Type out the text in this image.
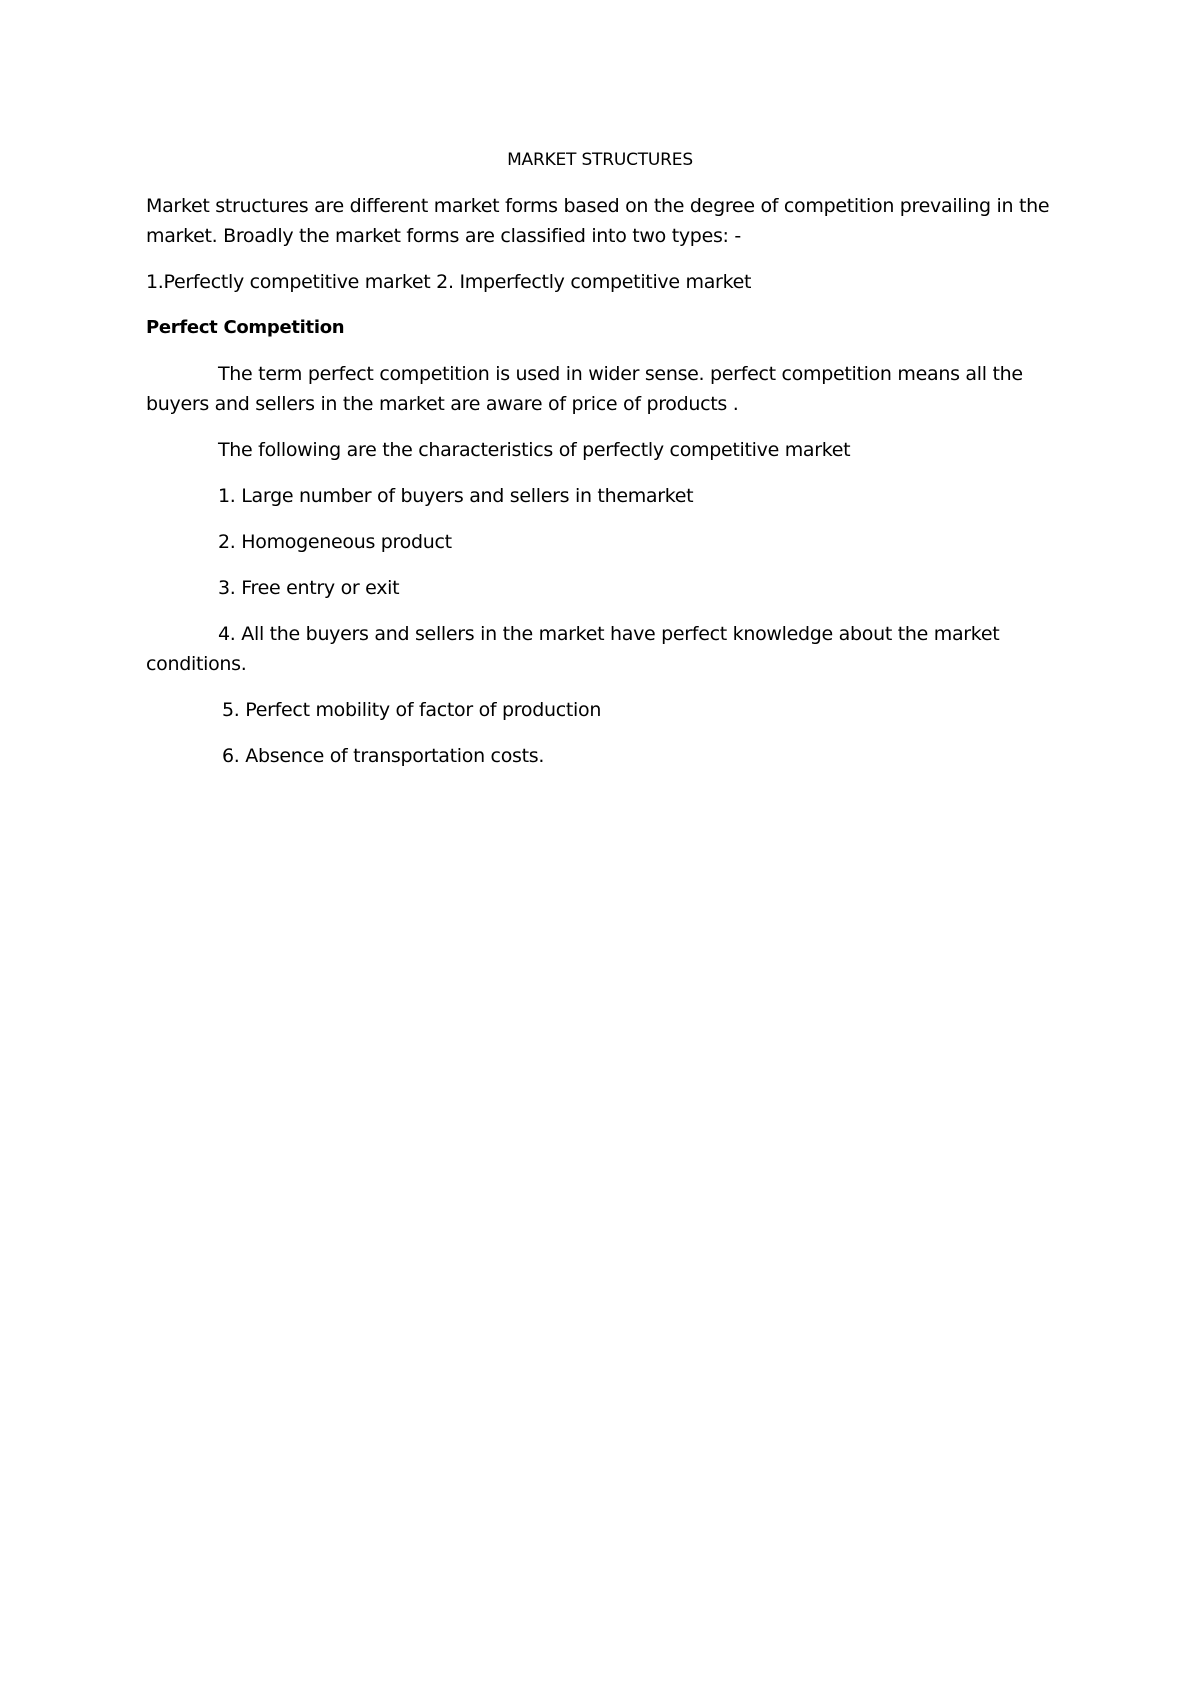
MARKET STRUCTURES
Market structures are different market forms based on the degree of competition prevailing in the
market. Broadly the market forms are classified into two types: -
1.Perfectly competitive market 2. Imperfectly competitive market
Perfect Competition
The term perfect competition is used in wider sense. perfect competition means all the
buyers and sellers in the market are aware of price of products .
The following are the characteristics of perfectly competitive market
1. Large number of buyers and sellers in themarket
2. Homogeneous product
3. Free entry or exit
4. All the buyers and sellers in the market have perfect knowledge about the market
conditions.
5. Perfect mobility of factor of production
6. Absence of transportation costs.
